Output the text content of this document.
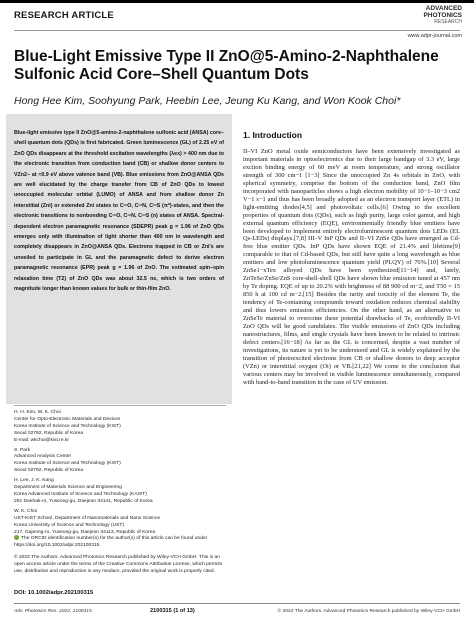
RESEARCH ARTICLE
ADVANCED
PHOTONICS
RESEARCH
www.adpr-journal.com
Blue-Light Emissive Type II ZnO@5-Amino-2-Naphthalene Sulfonic Acid Core–Shell Quantum Dots
Hong Hee Kim, Soohyung Park, Heebin Lee, Jeung Ku Kang, and Won Kook Choi*
Blue-light emissive type II ZnO@5-amino-2-naphthalene sulfonic acid (ANSA) core–shell quantum dots (QDs) is first fabricated. Green luminescence (GL) of 2.25 eV of ZnO QDs disappears at the threshold excitation wavelengths (λex) > 400 nm due to the electronic transition from conduction band (CB) or shallow donor centers to VZn2− at ≈0.9 eV above valence band (VB). Blue emissions from ZnO@ANSA QDs are well elucidated by the charge transfer from CB of ZnO QDs to lowest unoccupied molecular orbital (LUMO) of ANSA and from shallow donor Zn interstitial (Zni) or extended Zni states to C═O, C═N, C═S (π*)-states, and then the electronic transitions to nonbonding C═O, C═N, C═S (n) states of ANSA. Spectral-dependent electron paramagnetic resonance (SDEPR) peak g = 1.96 of ZnO QDs emerges only with illumination of light shorter than 400 nm in wavelength and completely disappears in ZnO@ANSA QDs. Electrons trapped in CB or Zni's are unveiled to participate in GL and the paramagnetic defect to derive electron paramagnetic resonance (EPR) peak g = 1.96 of ZnO. The estimated spin–spin relaxation time (T2) of ZnO QDs was about 32.5 ns, which is two orders of magnitude longer than known values for bulk or thin-film ZnO.
H. H. Kim, W. K. Choi
Center for Opto-Electronic Materials and Devices
Korea Institute of Science and Technology (KIST)
Seoul 02792, Republic of Korea
E-mail: wkchoi@kist.re.kr
S. Park
Advanced Analysis Center
Korea Institute of Science and Technology (KIST)
Seoul 02792, Republic of Korea
H. Lee, J. K. Kang
Department of Materials Science and Engineering
Korea Advanced Institute of Science and Technology (KAIST)
291 Daehak-ro, Yuseong-gu, Daejeon 34141, Republic of Korea
W. K. Choi
UST-KIST School, Department of Nanomaterials and Nano Science
Korea University of Science and Technology (UST)
217, Gajeong-ro, Yuseong-gu, Daejeon 34113, Republic of Korea
The ORCID identification number(s) for the author(s) of this article can be found under https://doi.org/10.1002/adpr.202100315.
© 2022 The Authors. Advanced Photonics Research published by Wiley-VCH GmbH. This is an open access article under the terms of the Creative Commons Attribution License, which permits use, distribution and reproduction in any medium, provided the original work is properly cited.
DOI: 10.1002/adpr.202100315
1. Introduction

II–VI ZnO metal oxide semiconductors have been extensively investigated as important materials in optoelectronics due to their large bandgap of 3.3 eV, large exciton binding energy of 60 meV at room temperature, and strong oscillator strength of 300 cm−1 [1−3] Since the unoccupied Zn 4s orbitals in ZnO, with spherical symmetry, comprise the bottom of the conduction band, ZnO film incorporated with nanoparticles shows a high electron mobility of 10−1–10−3 cm2 V−1 s−1 and thus has been broadly adopted as an electron transport layer (ETL) in light-emitting diodes[4,5] and photovoltaic cells.[6] Owing to the excellent properties of quantum dots (QDs), such as high purity, large color gamut, and high external quantum efficiency (EQE), environmentally friendly blue emitters have been developed to implement entirely electroluminescent quantum dots LEDs (EL Qs-LEDs) displays.[7,8] III–V InP QDs and II–VI ZnSe QDs have emerged as Cd-free blue emitter QDs. InP QDs have shown EQE of 21.4% and lifetime[9] comparable to that of Cd-based QDs, but still have quite a long wavelength as blue emitters and low photoluminescence quantum yield (PLQY) of 76%.[10] Several ZnSe1−xTex alloyed QDs have been synthesized[11−14] and, lately, ZnTeSe/ZnSe/ZnS core-shell-shell QDs have shown blue emission tuned at 457 nm by Te doping. EQE of up to 20.2% with brightness of 88 900 cd m−2, and T50 = 15 850 h at 100 cd m−2.[15] Besides the rarity and toxicity of the element Te, the tendency of Te-containing compounds toward oxidation reduces chemical stability and thus lowers emission efficiencies. On the other hand, as an alternative to ZnSeTe material to overcome these potential drawbacks of Te, ecofriendly II-VI ZnO QDs will be good candidates. The visible emissions of ZnO QDs including nanostructures, films, and single crystals have been known to be related to intrinsic defect centers.[16−18] As far as the GL is concerned, despite a vast number of investigations, its nature is yet to be understood and GL is widely explained by the transition of photoexcited electrons from CB or shallow donors to deep acceptor (VZn) or interstitial oxygen (Oi) or VB.[21,22] We come to the conclusion that various centers may be involved in visible luminescence simultaneously, compared with band-to-band transition in the case of UV emission.

Adv. Photonics Res. 2022, 2100315	2100315 (1 of 13)	© 2022 The Authors. Advanced Photonics Research published by Wiley-VCH GmbH
